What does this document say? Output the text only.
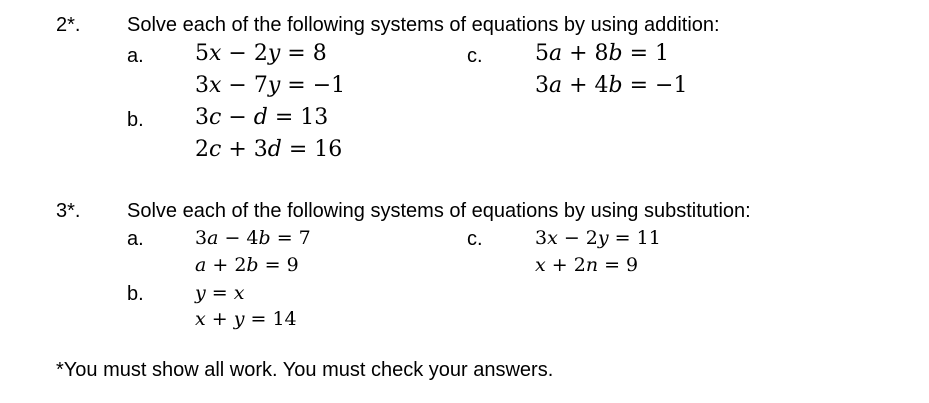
2*. Solve each of the following systems of equations by using addition:
a. 5x − 2y = 8
3x − 7y = −1
b. 3c − d = 13
2c + 3d = 16
c. 5a + 8b = 1
3a + 4b = −1
3*. Solve each of the following systems of equations by using substitution:
a.	3a − 4b = 7
a + 2b = 9
b.	y = x
x + y = 14
c.	3x − 2y = 11
x + 2n = 9
*You must show all work. You must check your answers.
